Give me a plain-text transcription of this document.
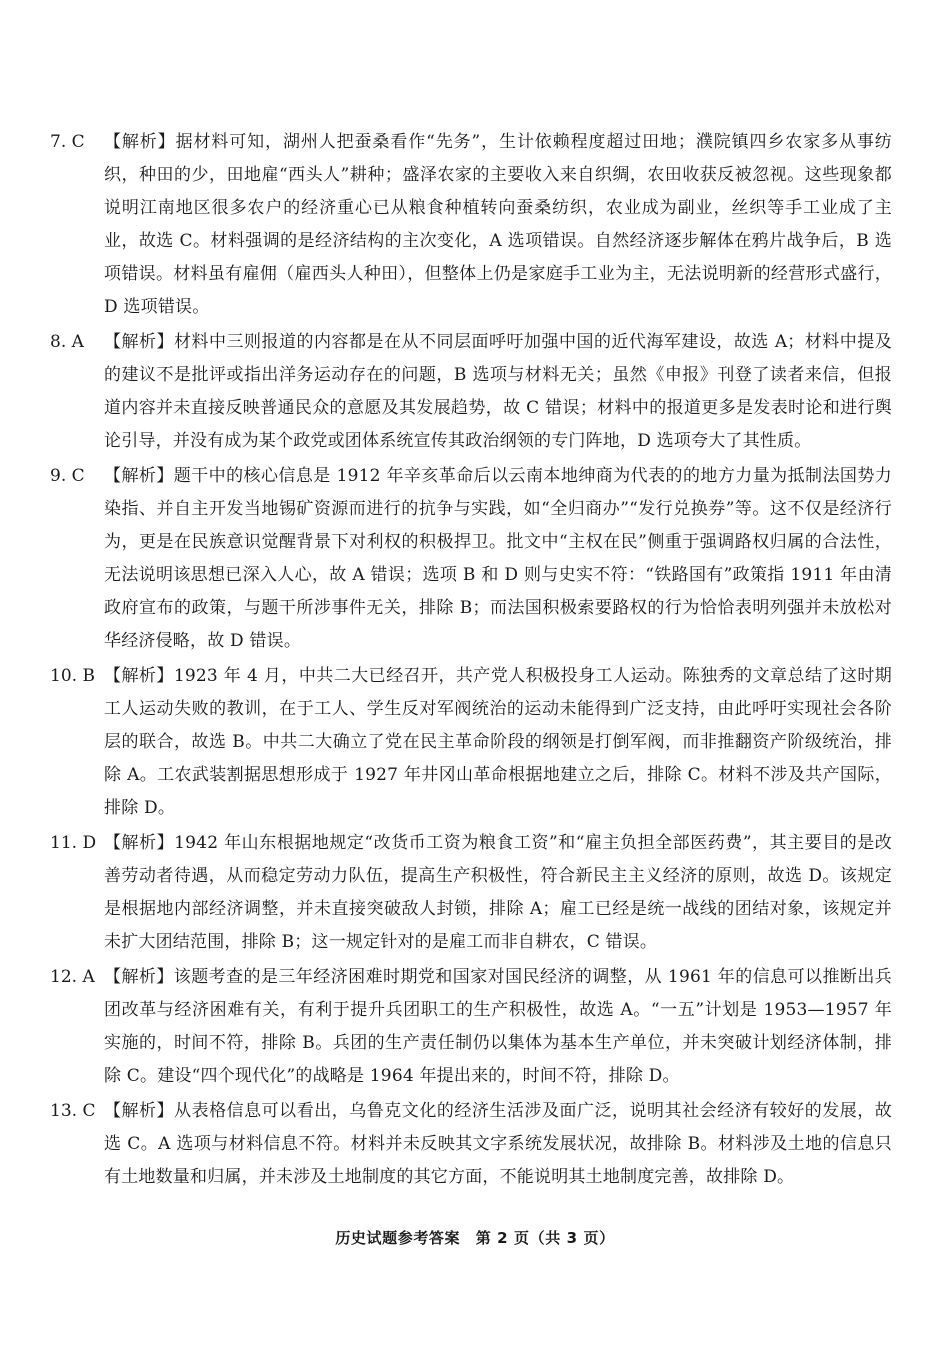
7. C	【解析】据材料可知，湖州人把蚕桑看作“先务”，生计依赖程度超过田地；濮院镇四乡农家多从事纺织，种田的少，田地雇“西头人”耕种；盛泽农家的主要收入来自织绸，农田收获反被忽视。这些现象都说明江南地区很多农户的经济重心已从粮食种植转向蚕桑纺织，农业成为副业，丝织等手工业成了主业，故选 C。材料强调的是经济结构的主次变化，A 选项错误。自然经济逐步解体在鸦片战争后，B 选项错误。材料虽有雇佣（雇西头人种田），但整体上仍是家庭手工业为主，无法说明新的经营形式盛行，D 选项错误。
8. A	【解析】材料中三则报道的内容都是在从不同层面呼吁加强中国的近代海军建设，故选 A；材料中提及的建议不是批评或指出洋务运动存在的问题，B 选项与材料无关；虽然《申报》刊登了读者来信，但报道内容并未直接反映普通民众的意愿及其发展趋势，故 C 错误；材料中的报道更多是发表时论和进行舆论引导，并没有成为某个政党或团体系统宣传其政治纲领的专门阵地，D 选项夸大了其性质。
9. C	【解析】题干中的核心信息是 1912 年辛亥革命后以云南本地绅商为代表的的地方力量为抵制法国势力染指、并自主开发当地锡矿资源而进行的抗争与实践，如“全归商办”“发行兑换券”等。这不仅是经济行为，更是在民族意识觉醒背景下对利权的积极捍卫。批文中“主权在民”侧重于强调路权归属的合法性，无法说明该思想已深入人心，故 A 错误；选项 B 和 D 则与史实不符：“铁路国有”政策指 1911 年由清政府宣布的政策，与题干所涉事件无关，排除 B；而法国积极索要路权的行为恰恰表明列强并未放松对华经济侵略，故 D 错误。
10. B 【解析】1923 年 4 月，中共二大已经召开，共产党人积极投身工人运动。陈独秀的文章总结了这时期工人运动失败的教训，在于工人、学生反对军阀统治的运动未能得到广泛支持，由此呼吁实现社会各阶层的联合，故选 B。中共二大确立了党在民主革命阶段的纲领是打倒军阀，而非推翻资产阶级统治，排除 A。工农武装割据思想形成于 1927 年井冈山革命根据地建立之后，排除 C。材料不涉及共产国际，排除 D。
11. D 【解析】1942 年山东根据地规定“改货币工资为粮食工资”和“雇主负担全部医药费”，其主要目的是改善劳动者待遇，从而稳定劳动力队伍，提高生产积极性，符合新民主主义经济的原则，故选 D。该规定是根据地内部经济调整，并未直接突破敌人封锁，排除 A；雇工已经是统一战线的团结对象，该规定并未扩大团结范围，排除 B；这一规定针对的是雇工而非自耕农，C 错误。
12. A 【解析】该题考查的是三年经济困难时期党和国家对国民经济的调整，从 1961 年的信息可以推断出兵团改革与经济困难有关，有利于提升兵团职工的生产积极性，故选 A。“一五”计划是 1953—1957 年实施的，时间不符，排除 B。兵团的生产责任制仍以集体为基本生产单位，并未突破计划经济体制，排除 C。建设“四个现代化”的战略是 1964 年提出来的，时间不符，排除 D。
13. C 【解析】从表格信息可以看出，乌鲁克文化的经济生活涉及面广泛，说明其社会经济有较好的发展，故选 C。A 选项与材料信息不符。材料并未反映其文字系统发展状况，故排除 B。材料涉及土地的信息只有土地数量和归属，并未涉及土地制度的其它方面，不能说明其土地制度完善，故排除 D。
历史试题参考答案　第 2 页（共 3 页）
